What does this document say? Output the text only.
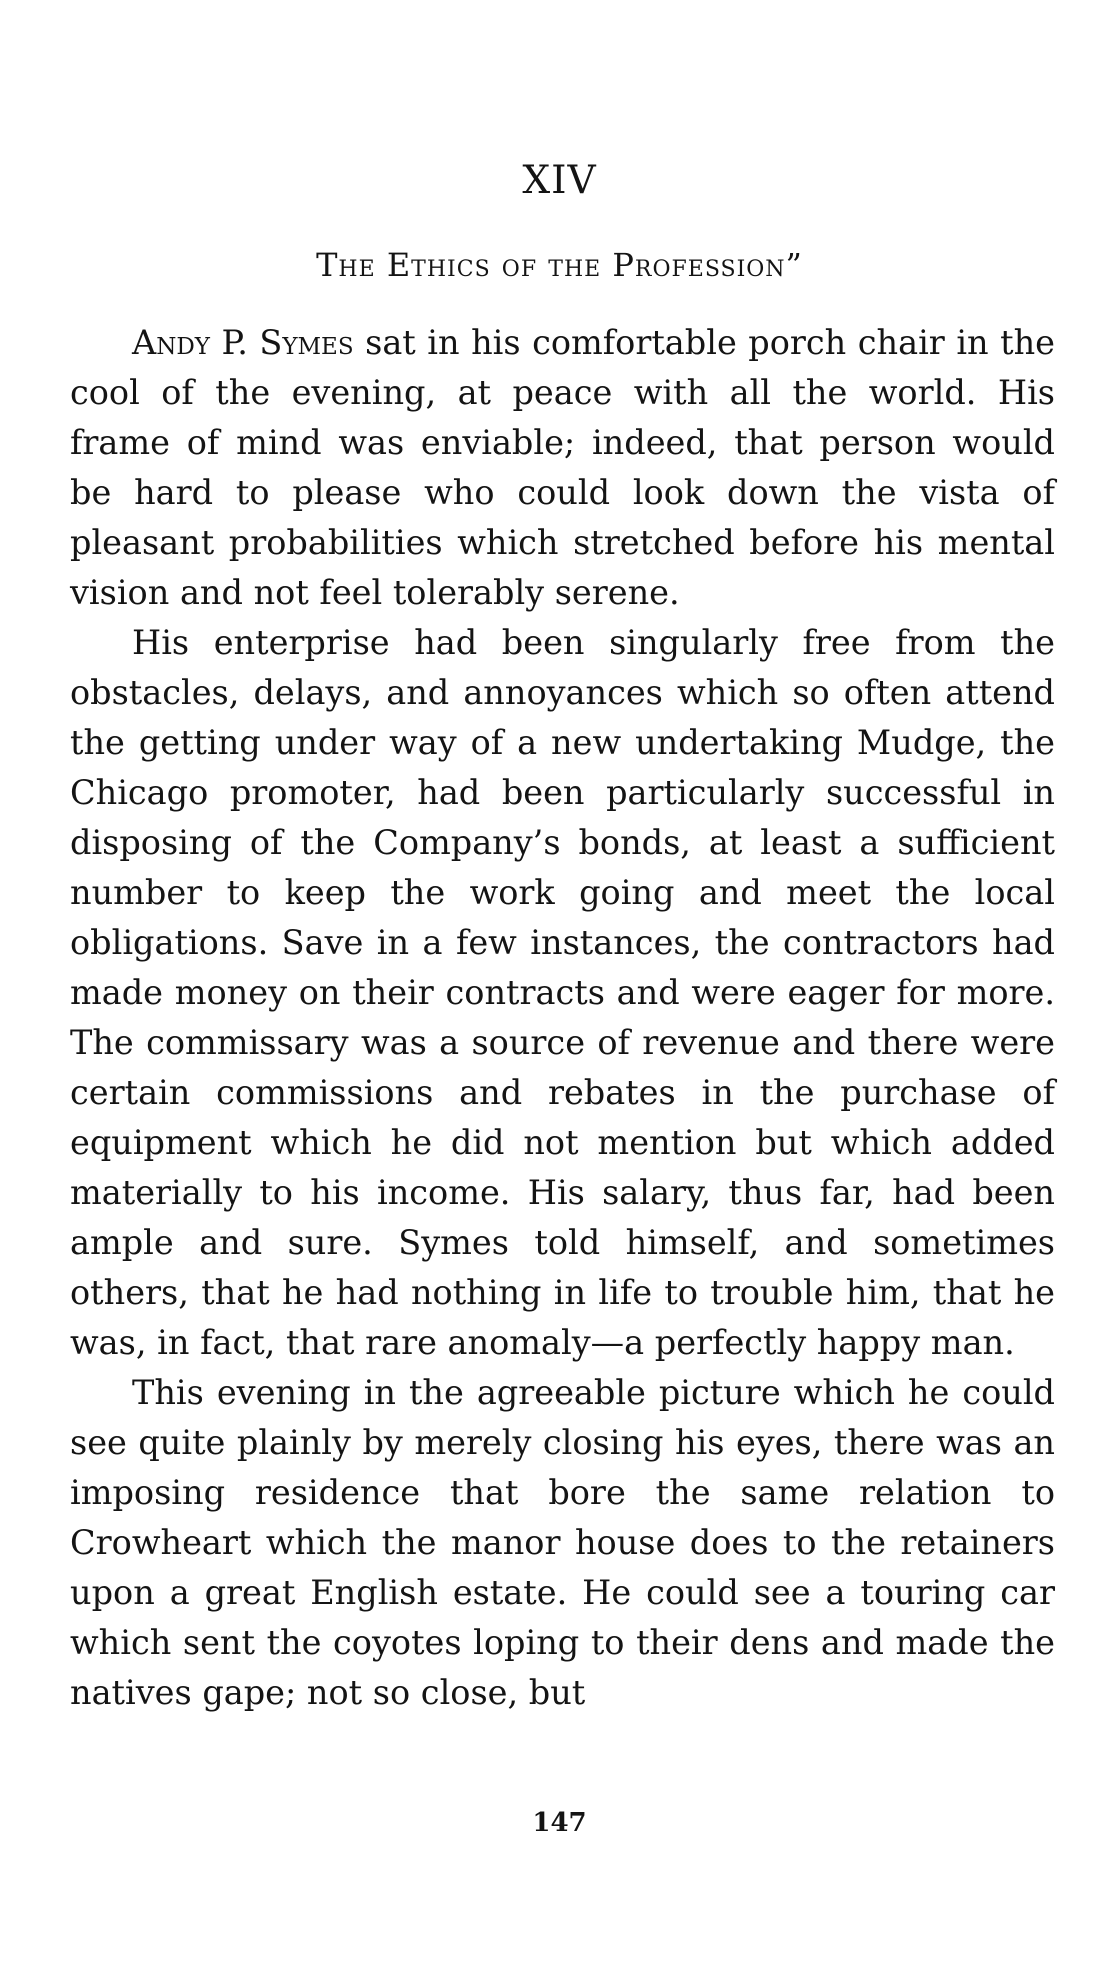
XIV
The Ethics of the Profession”

Andy P. Symes sat in his comfortable porch chair in the cool of the evening, at peace with all the world. His frame of mind was enviable; indeed, that person would be hard to please who could look down the vista of pleasant probabilities which stretched before his mental vision and not feel tolerably serene.

His enterprise had been singularly free from the obstacles, delays, and annoyances which so often attend the getting under way of a new undertaking Mudge, the Chicago promoter, had been particularly successful in disposing of the Company’s bonds, at least a sufficient number to keep the work going and meet the local obligations. Save in a few instances, the contractors had made money on their contracts and were eager for more. The commissary was a source of revenue and there were certain commissions and rebates in the purchase of equipment which he did not mention but which added materially to his income. His salary, thus far, had been ample and sure. Symes told himself, and sometimes others, that he had nothing in life to trouble him, that he was, in fact, that rare anomaly—a perfectly happy man.

This evening in the agreeable picture which he could see quite plainly by merely closing his eyes, there was an imposing residence that bore the same relation to Crowheart which the manor house does to the retainers upon a great English estate. He could see a touring car which sent the coyotes loping to their dens and made the natives gape; not so close, but

147
